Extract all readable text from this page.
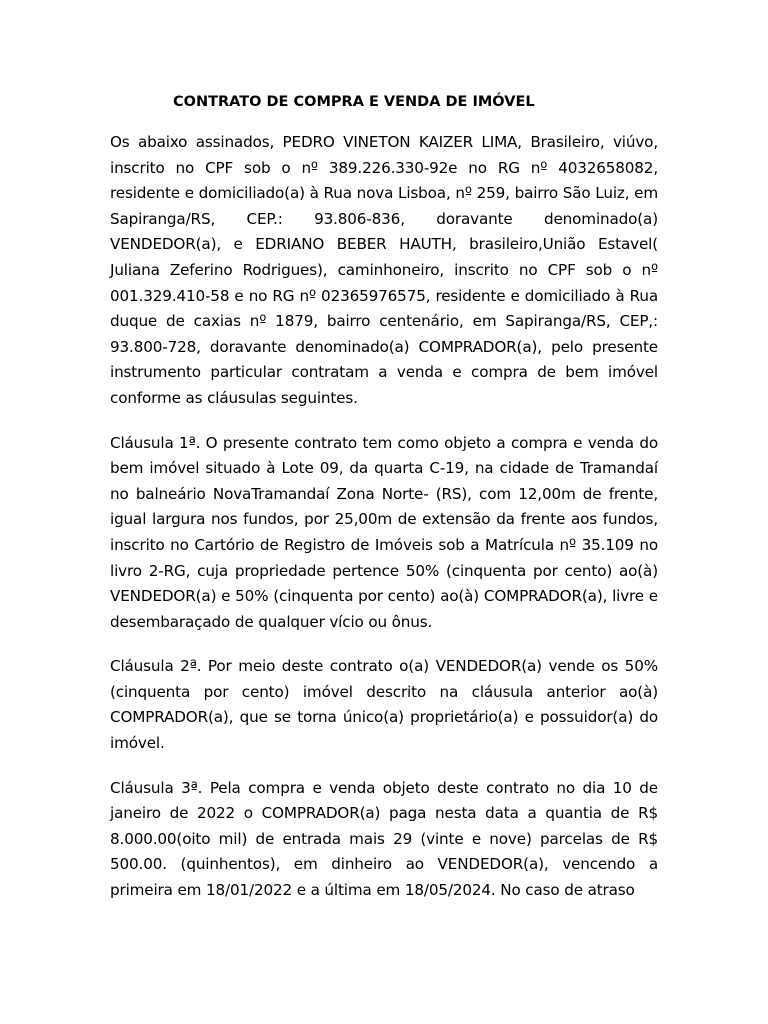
CONTRATO DE COMPRA E VENDA DE IMÓVEL

Os abaixo assinados, PEDRO VINETON KAIZER LIMA, Brasileiro, viúvo, inscrito no CPF sob o nº 389.226.330-92e no RG nº 4032658082, residente e domiciliado(a) à Rua nova Lisboa, nº 259, bairro São Luiz, em Sapiranga/RS, CEP.: 93.806-836, doravante denominado(a) VENDEDOR(a), e EDRIANO BEBER HAUTH, brasileiro,União Estavel( Juliana Zeferino Rodrigues), caminhoneiro, inscrito no CPF sob o nº 001.329.410-58 e no RG nº 02365976575, residente e domiciliado à Rua duque de caxias nº 1879, bairro centenário, em Sapiranga/RS, CEP,: 93.800-728, doravante denominado(a) COMPRADOR(a), pelo presente instrumento particular contratam a venda e compra de bem imóvel conforme as cláusulas seguintes.

Cláusula 1ª. O presente contrato tem como objeto a compra e venda do bem imóvel situado à Lote 09, da quarta C-19, na cidade de Tramandaí no balneário NovaTramandaí Zona Norte- (RS), com 12,00m de frente, igual largura nos fundos, por 25,00m de extensão da frente aos fundos, inscrito no Cartório de Registro de Imóveis sob a Matrícula nº 35.109 no livro 2-RG, cuja propriedade pertence 50% (cinquenta por cento) ao(à) VENDEDOR(a) e 50% (cinquenta por cento) ao(à) COMPRADOR(a), livre e desembaraçado de qualquer vício ou ônus.

Cláusula 2ª. Por meio deste contrato o(a) VENDEDOR(a) vende os 50% (cinquenta por cento) imóvel descrito na cláusula anterior ao(à) COMPRADOR(a), que se torna único(a) proprietário(a) e possuidor(a) do imóvel.

Cláusula 3ª. Pela compra e venda objeto deste contrato no dia 10 de janeiro de 2022 o COMPRADOR(a) paga nesta data a quantia de R$ 8.000.00(oito mil) de entrada mais 29 (vinte e nove) parcelas de R$ 500.00. (quinhentos), em dinheiro ao VENDEDOR(a), vencendo a primeira em 18/01/2022 e a última em 18/05/2024. No caso de atraso
